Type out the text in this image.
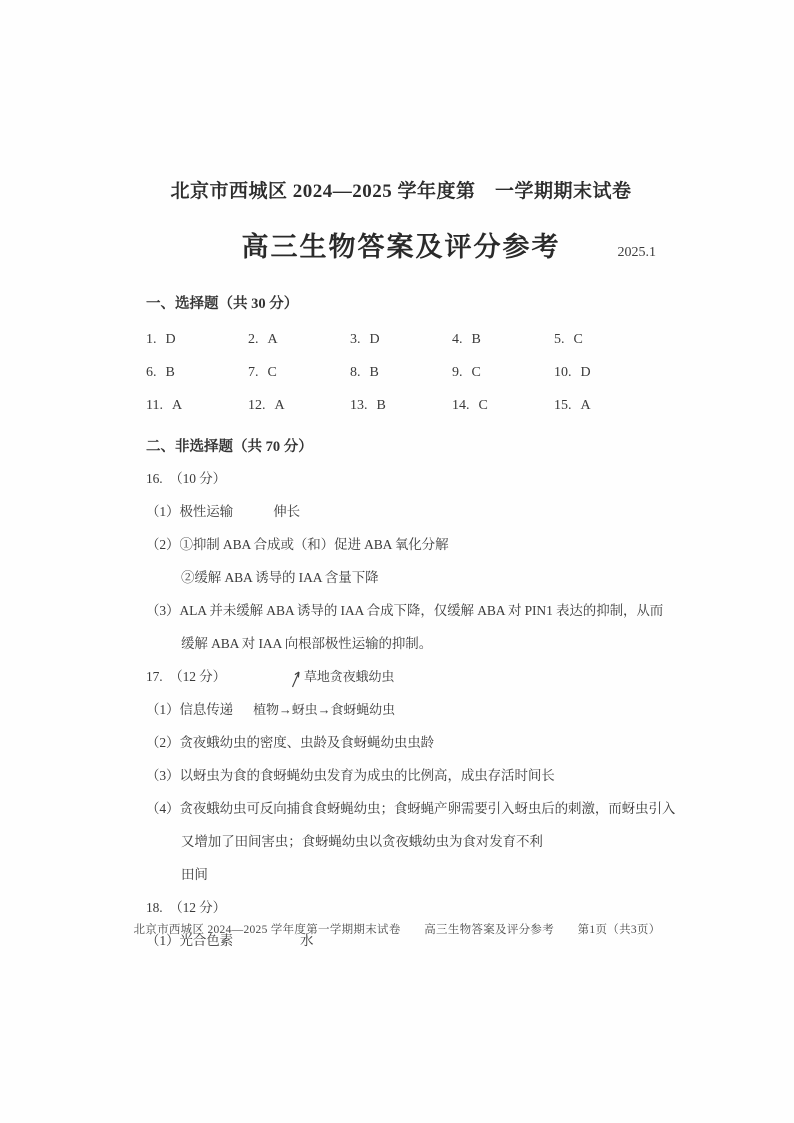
北京市西城区 2024—2025 学年度第　一学期期末试卷
高三生物答案及评分参考	2025.1
一、选择题（共 30 分）
1. D	2. A	3. D	4. B	5. C
6. B	7. C	8. B	9. C	10. D
11. A	12. A	13. B	14. C	15. A
二、非选择题（共 70 分）
16. （10 分）
（1）极性运输　　　伸长
（2）①抑制 ABA 合成或（和）促进 ABA 氧化分解
②缓解 ABA 诱导的 IAA 含量下降
（3）ALA 并未缓解 ABA 诱导的 IAA 合成下降，仅缓解 ABA 对 PIN1 表达的抑制，从而
缓解 ABA 对 IAA 向根部极性运输的抑制。
17. （12 分）	草地贪夜蛾幼虫
（1）信息传递 植物→蚜虫→食蚜蝇幼虫
（2）贪夜蛾幼虫的密度、虫龄及食蚜蝇幼虫虫龄
（3）以蚜虫为食的食蚜蝇幼虫发育为成虫的比例高，成虫存活时间长
（4）贪夜蛾幼虫可反向捕食食蚜蝇幼虫；食蚜蝇产卵需要引入蚜虫后的刺激，而蚜虫引入
又增加了田间害虫；食蚜蝇幼虫以贪夜蛾幼虫为食对发育不利
田间
18. （12 分）
（1）光合色素　　　　　水
北京市西城区 2024—2025 学年度第一学期期末试卷　　高三生物答案及评分参考　　第1页（共3页）
